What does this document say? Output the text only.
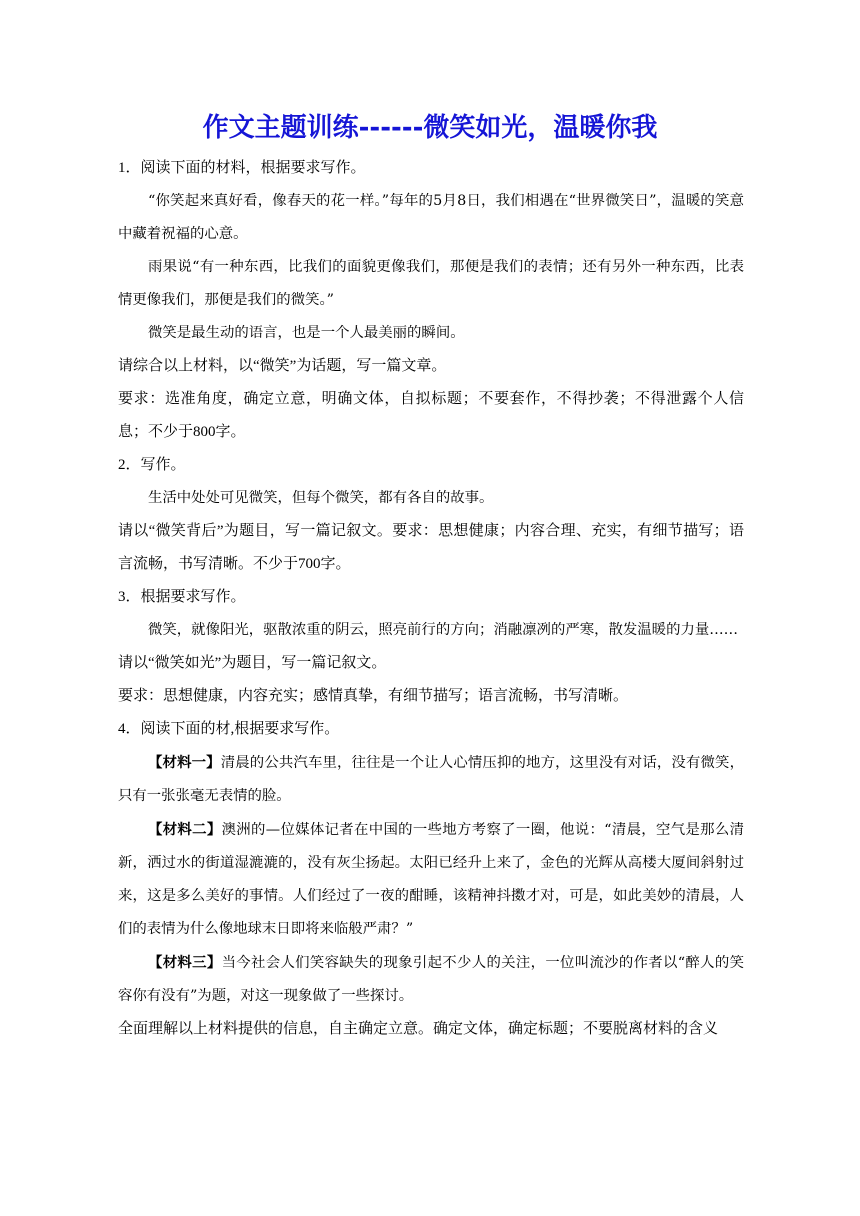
作文主题训练------微笑如光，温暖你我

1．阅读下面的材料，根据要求写作。

“你笑起来真好看，像春天的花一样。”每年的5月8日，我们相遇在“世界微笑日”，温暖的笑意中藏着祝福的心意。

雨果说“有一种东西，比我们的面貌更像我们，那便是我们的表情；还有另外一种东西，比表情更像我们，那便是我们的微笑。”

微笑是最生动的语言，也是一个人最美丽的瞬间。

请综合以上材料，以“微笑”为话题，写一篇文章。

要求：选准角度，确定立意，明确文体，自拟标题；不要套作，不得抄袭；不得泄露个人信息；不少于800字。

2．写作。

生活中处处可见微笑，但每个微笑，都有各自的故事。

请以“微笑背后”为题目，写一篇记叙文。要求：思想健康；内容合理、充实，有细节描写；语言流畅，书写清晰。不少于700字。

3．根据要求写作。

微笑，就像阳光，驱散浓重的阴云，照亮前行的方向；消融凛冽的严寒，散发温暖的力量……

请以“微笑如光”为题目，写一篇记叙文。

要求：思想健康，内容充实；感情真挚，有细节描写；语言流畅，书写清晰。

4．阅读下面的材,根据要求写作。

【材料一】清晨的公共汽车里，往往是一个让人心情压抑的地方，这里没有对话，没有微笑，只有一张张毫无表情的脸。

【材料二】澳洲的—位媒体记者在中国的一些地方考察了一圈，他说：“清晨，空气是那么清新，洒过水的街道湿漉漉的，没有灰尘扬起。太阳已经升上来了，金色的光辉从高楼大厦间斜射过来，这是多么美好的事情。人们经过了一夜的酣睡，该精神抖擞才对，可是，如此美妙的清晨，人们的表情为什么像地球末日即将来临般严肃？”

【材料三】当今社会人们笑容缺失的现象引起不少人的关注，一位叫流沙的作者以“醉人的笑容你有没有”为题，对这一现象做了一些探讨。

全面理解以上材料提供的信息，自主确定立意。确定文体，确定标题；不要脱离材料的含义
